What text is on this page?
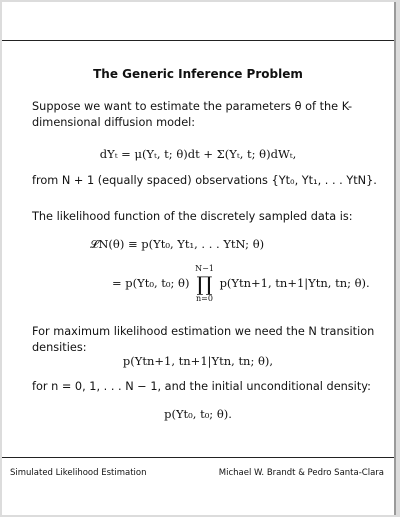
The Generic Inference Problem
Suppose we want to estimate the parameters θ of the K-dimensional diffusion model:
dYₜ = μ(Yₜ, t; θ)dt + Σ(Yₜ, t; θ)dWₜ,
from N + 1 (equally spaced) observations {Yt₀, Yt₁, . . . YtN}.
The likelihood function of the discretely sampled data is:
𝓛N(θ) ≡ p(Yt₀, Yt₁, . . . YtN; θ)
= p(Yt₀, t₀; θ)
N−1
∏
n=0
p(Ytn+1, tn+1|Ytn, tn; θ).
For maximum likelihood estimation we need the N transition densities:
p(Ytn+1, tn+1|Ytn, tn; θ),
for n = 0, 1, . . . N − 1, and the initial unconditional density:
p(Yt₀, t₀; θ).
Simulated Likelihood Estimation	Michael W. Brandt & Pedro Santa-Clara
